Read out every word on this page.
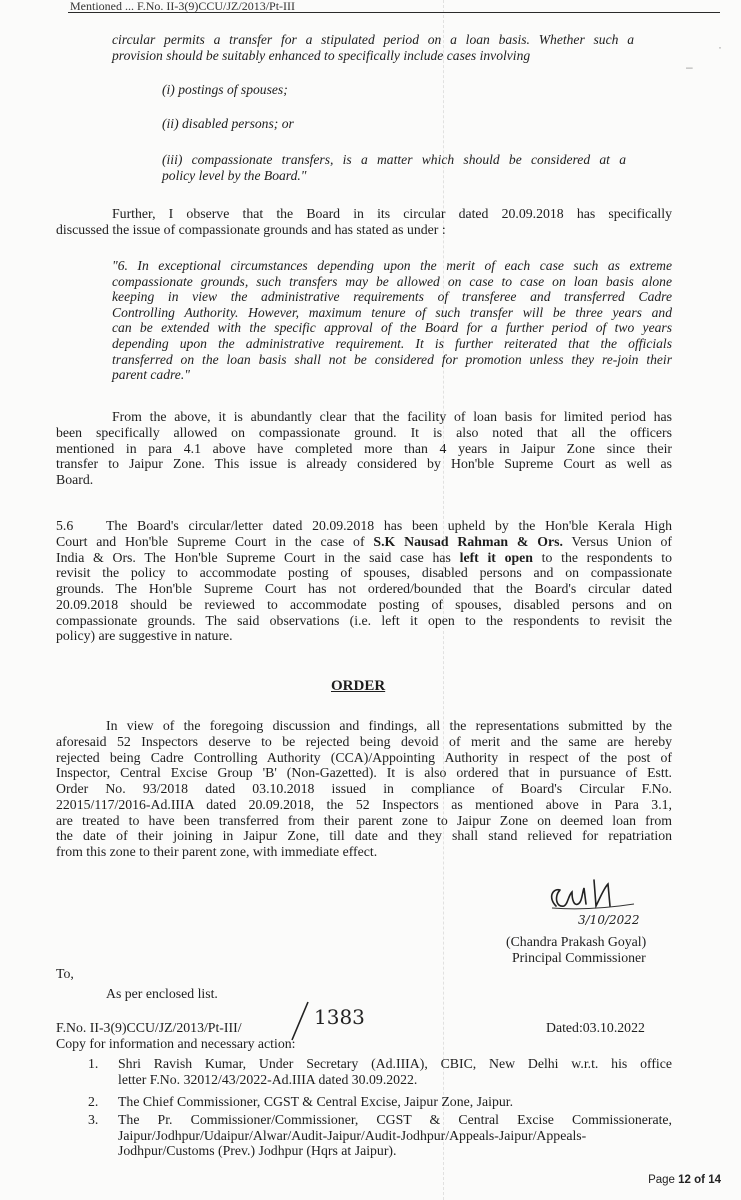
Mentioned ... F.No. II-3(9)CCU/JZ/2013/Pt-III
circular permits a transfer for a stipulated period on a loan basis. Whether such a
provision should be suitably enhanced to specifically include cases involving
(i) postings of spouses;
(ii) disabled persons; or
(iii) compassionate transfers, is a matter which should be considered at a
policy level by the Board."
Further, I observe that the Board in its circular dated 20.09.2018 has specifically
discussed the issue of compassionate grounds and has stated as under :
"6. In exceptional circumstances depending upon the merit of each case such as extreme
compassionate grounds, such transfers may be allowed on case to case on loan basis alone
keeping in view the administrative requirements of transferee and transferred Cadre
Controlling Authority. However, maximum tenure of such transfer will be three years and
can be extended with the specific approval of the Board for a further period of two years
depending upon the administrative requirement. It is further reiterated that the officials
transferred on the loan basis shall not be considered for promotion unless they re-join their
parent cadre."
From the above, it is abundantly clear that the facility of loan basis for limited period has
been specifically allowed on compassionate ground. It is also noted that all the officers
mentioned in para 4.1 above have completed more than 4 years in Jaipur Zone since their
transfer to Jaipur Zone. This issue is already considered by Hon'ble Supreme Court as well as
Board.
5.6 The Board's circular/letter dated 20.09.2018 has been upheld by the Hon'ble Kerala High
Court and Hon'ble Supreme Court in the case of S.K Nausad Rahman & Ors. Versus Union of
India & Ors. The Hon'ble Supreme Court in the said case has left it open to the respondents to
revisit the policy to accommodate posting of spouses, disabled persons and on compassionate
grounds. The Hon'ble Supreme Court has not ordered/bounded that the Board's circular dated
20.09.2018 should be reviewed to accommodate posting of spouses, disabled persons and on
compassionate grounds. The said observations (i.e. left it open to the respondents to revisit the
policy) are suggestive in nature.
ORDER
In view of the foregoing discussion and findings, all the representations submitted by the
aforesaid 52 Inspectors deserve to be rejected being devoid of merit and the same are hereby
rejected being Cadre Controlling Authority (CCA)/Appointing Authority in respect of the post of
Inspector, Central Excise Group 'B' (Non-Gazetted). It is also ordered that in pursuance of Estt.
Order No. 93/2018 dated 03.10.2018 issued in compliance of Board's Circular F.No.
22015/117/2016-Ad.IIIA dated 20.09.2018, the 52 Inspectors as mentioned above in Para 3.1,
are treated to have been transferred from their parent zone to Jaipur Zone on deemed loan from
the date of their joining in Jaipur Zone, till date and they shall stand relieved for repatriation
from this zone to their parent zone, with immediate effect.
3/10/2022
(Chandra Prakash Goyal)
Principal Commissioner
To,
As per enclosed list.
F.No. II-3(9)CCU/JZ/2013/Pt-III/	1383	Dated:03.10.2022
Copy for information and necessary action:
1. Shri Ravish Kumar, Under Secretary (Ad.IIIA), CBIC, New Delhi w.r.t. his office
letter F.No. 32012/43/2022-Ad.IIIA dated 30.09.2022.
2. The Chief Commissioner, CGST & Central Excise, Jaipur Zone, Jaipur.
3. The Pr. Commissioner/Commissioner, CGST & Central Excise Commissionerate,
Jaipur/Jodhpur/Udaipur/Alwar/Audit-Jaipur/Audit-Jodhpur/Appeals-Jaipur/Appeals-
Jodhpur/Customs (Prev.) Jodhpur (Hqrs at Jaipur).
Page 12 of 14
·
–
